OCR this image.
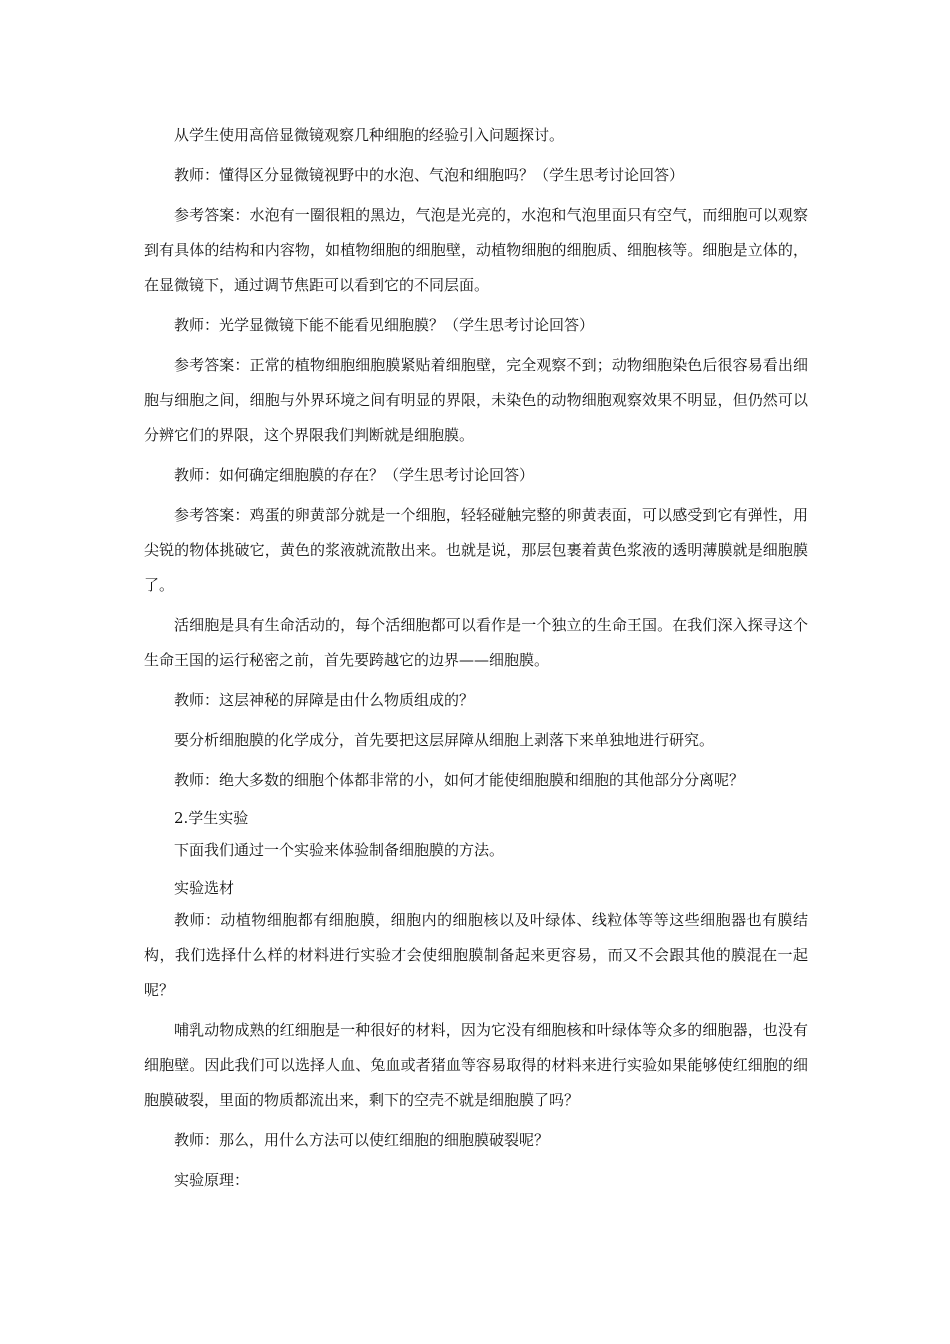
从学生使用高倍显微镜观察几种细胞的经验引入问题探讨。

教师：懂得区分显微镜视野中的水泡、气泡和细胞吗？（学生思考讨论回答）

参考答案：水泡有一圈很粗的黑边，气泡是光亮的，水泡和气泡里面只有空气，而细胞可以观察到有具体的结构和内容物，如植物细胞的细胞壁，动植物细胞的细胞质、细胞核等。细胞是立体的，在显微镜下，通过调节焦距可以看到它的不同层面。

教师：光学显微镜下能不能看见细胞膜？（学生思考讨论回答）

参考答案：正常的植物细胞细胞膜紧贴着细胞壁，完全观察不到；动物细胞染色后很容易看出细胞与细胞之间，细胞与外界环境之间有明显的界限，未染色的动物细胞观察效果不明显，但仍然可以分辨它们的界限，这个界限我们判断就是细胞膜。

教师：如何确定细胞膜的存在？（学生思考讨论回答）

参考答案：鸡蛋的卵黄部分就是一个细胞，轻轻碰触完整的卵黄表面，可以感受到它有弹性，用尖锐的物体挑破它，黄色的浆液就流散出来。也就是说，那层包裹着黄色浆液的透明薄膜就是细胞膜了。

活细胞是具有生命活动的，每个活细胞都可以看作是一个独立的生命王国。在我们深入探寻这个生命王国的运行秘密之前，首先要跨越它的边界——细胞膜。

教师：这层神秘的屏障是由什么物质组成的？

要分析细胞膜的化学成分，首先要把这层屏障从细胞上剥落下来单独地进行研究。

教师：绝大多数的细胞个体都非常的小，如何才能使细胞膜和细胞的其他部分分离呢？

2.学生实验

下面我们通过一个实验来体验制备细胞膜的方法。

实验选材

教师：动植物细胞都有细胞膜，细胞内的细胞核以及叶绿体、线粒体等等这些细胞器也有膜结构，我们选择什么样的材料进行实验才会使细胞膜制备起来更容易，而又不会跟其他的膜混在一起呢？

哺乳动物成熟的红细胞是一种很好的材料，因为它没有细胞核和叶绿体等众多的细胞器，也没有细胞壁。因此我们可以选择人血、兔血或者猪血等容易取得的材料来进行实验如果能够使红细胞的细胞膜破裂，里面的物质都流出来，剩下的空壳不就是细胞膜了吗？

教师：那么，用什么方法可以使红细胞的细胞膜破裂呢？

实验原理：
